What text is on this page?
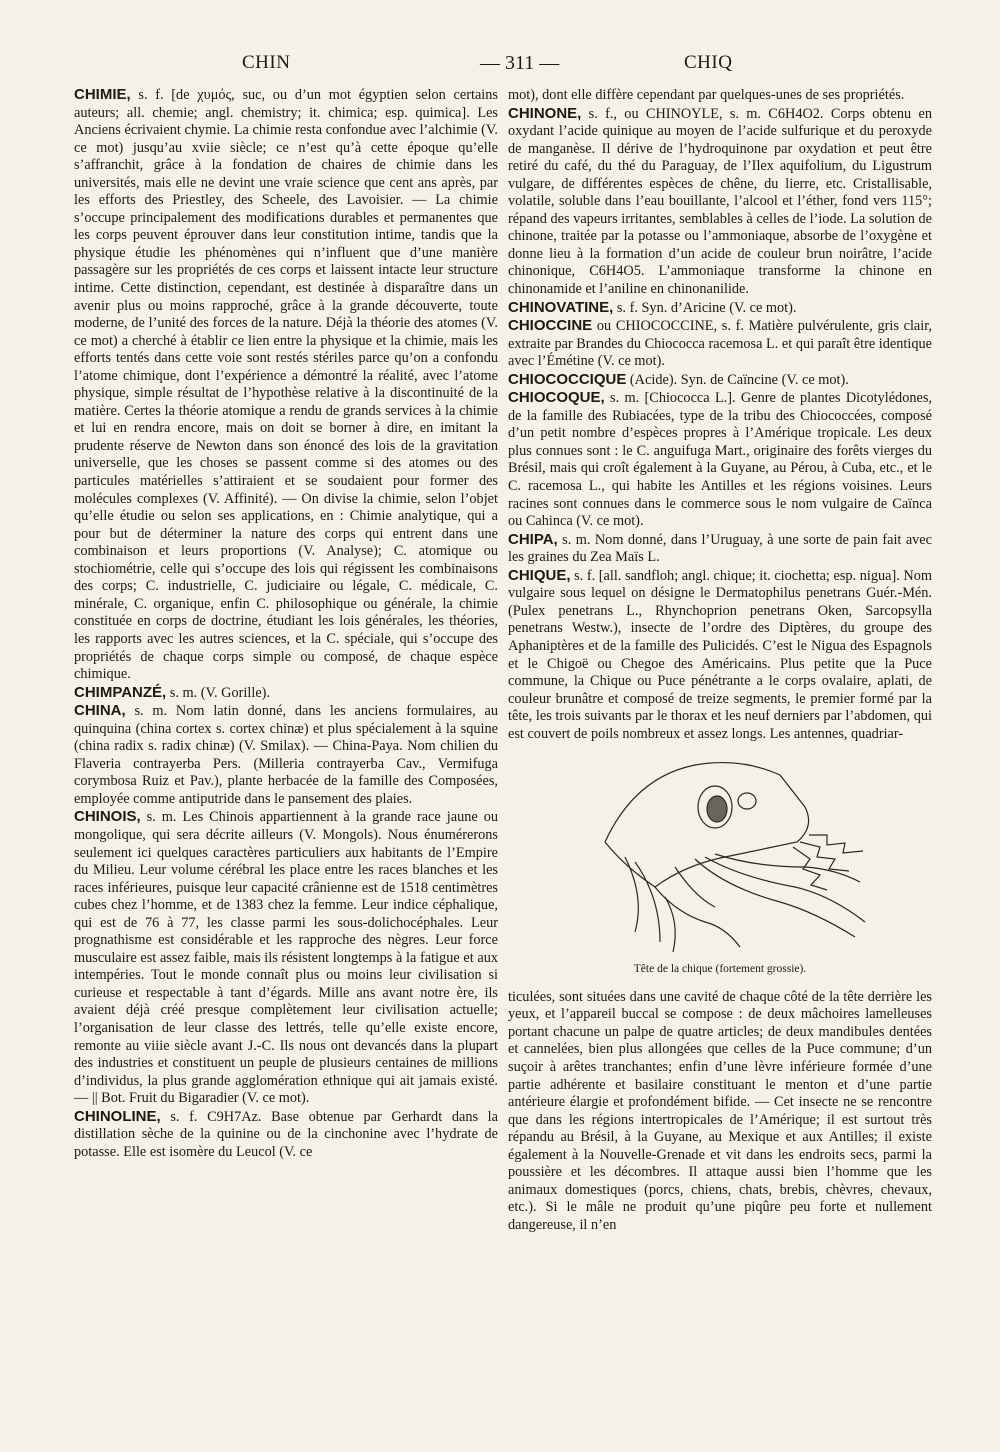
CHIN	— 311 —	CHIQ

CHIMIE, s. f. [de χυμός, suc, ou d’un mot égyptien selon certains auteurs; all. chemie; angl. chemistry; it. chimica; esp. quimica]. Les Anciens écrivaient chymie. La chimie resta confondue avec l’alchimie (V. ce mot) jusqu’au xviie siècle; ce n’est qu’à cette époque qu’elle s’affranchit, grâce à la fondation de chaires de chimie dans les universités, mais elle ne devint une vraie science que cent ans après, par les efforts des Priestley, des Scheele, des Lavoisier. — La chimie s’occupe principalement des modifications durables et permanentes que les corps peuvent éprouver dans leur constitution intime, tandis que la physique étudie les phénomènes qui n’influent que d’une manière passagère sur les propriétés de ces corps et laissent intacte leur structure intime. Cette distinction, cependant, est destinée à disparaître dans un avenir plus ou moins rapproché, grâce à la grande découverte, toute moderne, de l’unité des forces de la nature. Déjà la théorie des atomes (V. ce mot) a cherché à établir ce lien entre la physique et la chimie, mais les efforts tentés dans cette voie sont restés stériles parce qu’on a confondu l’atome chimique, dont l’expérience a démontré la réalité, avec l’atome physique, simple résultat de l’hypothèse relative à la discontinuité de la matière. Certes la théorie atomique a rendu de grands services à la chimie et lui en rendra encore, mais on doit se borner à dire, en imitant la prudente réserve de Newton dans son énoncé des lois de la gravitation universelle, que les choses se passent comme si des atomes ou des particules matérielles s’attiraient et se soudaient pour former des molécules complexes (V. Affinité). — On divise la chimie, selon l’objet qu’elle étudie ou selon ses applications, en : Chimie analytique, qui a pour but de déterminer la nature des corps qui entrent dans une combinaison et leurs proportions (V. Analyse); C. atomique ou stochiométrie, celle qui s’occupe des lois qui régissent les combinaisons des corps; C. industrielle, C. judiciaire ou légale, C. médicale, C. minérale, C. organique, enfin C. philosophique ou générale, la chimie constituée en corps de doctrine, étudiant les lois générales, les théories, les rapports avec les autres sciences, et la C. spéciale, qui s’occupe des propriétés de chaque corps simple ou composé, de chaque espèce chimique.

CHIMPANZÉ, s. m. (V. Gorille).

CHINA, s. m. Nom latin donné, dans les anciens formulaires, au quinquina (china cortex s. cortex chinæ) et plus spécialement à la squine (china radix s. radix chinæ) (V. Smilax). — China-Paya. Nom chilien du Flaveria contrayerba Pers. (Milleria contrayerba Cav., Vermifuga corymbosa Ruiz et Pav.), plante herbacée de la famille des Composées, employée comme antiputride dans le pansement des plaies.

CHINOIS, s. m. Les Chinois appartiennent à la grande race jaune ou mongolique, qui sera décrite ailleurs (V. Mongols). Nous énumérerons seulement ici quelques caractères particuliers aux habitants de l’Empire du Milieu. Leur volume cérébral les place entre les races blanches et les races inférieures, puisque leur capacité crânienne est de 1518 centimètres cubes chez l’homme, et de 1383 chez la femme. Leur indice céphalique, qui est de 76 à 77, les classe parmi les sous-dolichocéphales. Leur prognathisme est considérable et les rapproche des nègres. Leur force musculaire est assez faible, mais ils résistent longtemps à la fatigue et aux intempéries. Tout le monde connaît plus ou moins leur civilisation si curieuse et respectable à tant d’égards. Mille ans avant notre ère, ils avaient déjà créé presque complètement leur civilisation actuelle; l’organisation de leur classe des lettrés, telle qu’elle existe encore, remonte au viiie siècle avant J.-C. Ils nous ont devancés dans la plupart des industries et constituent un peuple de plusieurs centaines de millions d’individus, la plus grande agglomération ethnique qui ait jamais existé. — || Bot. Fruit du Bigaradier (V. ce mot).

CHINOLINE, s. f. C9H7Az. Base obtenue par Gerhardt dans la distillation sèche de la quinine ou de la cinchonine avec l’hydrate de potasse. Elle est isomère du Leucol (V. ce

mot), dont elle diffère cependant par quelques-unes de ses propriétés.

CHINONE, s. f., ou CHINOYLE, s. m. C6H4O2. Corps obtenu en oxydant l’acide quinique au moyen de l’acide sulfurique et du peroxyde de manganèse. Il dérive de l’hydroquinone par oxydation et peut être retiré du café, du thé du Paraguay, de l’Ilex aquifolium, du Ligustrum vulgare, de différentes espèces de chêne, du lierre, etc. Cristallisable, volatile, soluble dans l’eau bouillante, l’alcool et l’éther, fond vers 115°; répand des vapeurs irritantes, semblables à celles de l’iode. La solution de chinone, traitée par la potasse ou l’ammoniaque, absorbe de l’oxygène et donne lieu à la formation d’un acide de couleur brun noirâtre, l’acide chinonique, C6H4O5. L’ammoniaque transforme la chinone en chinonamide et l’aniline en chinonanilide.

CHINOVATINE, s. f. Syn. d’Aricine (V. ce mot).

CHIOCCINE ou CHIOCOCCINE, s. f. Matière pulvérulente, gris clair, extraite par Brandes du Chiococca racemosa L. et qui paraît être identique avec l’Émétine (V. ce mot).

CHIOCOCCIQUE (Acide). Syn. de Caïncine (V. ce mot).

CHIOCOQUE, s. m. [Chiococca L.]. Genre de plantes Dicotylédones, de la famille des Rubiacées, type de la tribu des Chiococcées, composé d’un petit nombre d’espèces propres à l’Amérique tropicale. Les deux plus connues sont : le C. anguifuga Mart., originaire des forêts vierges du Brésil, mais qui croît également à la Guyane, au Pérou, à Cuba, etc., et le C. racemosa L., qui habite les Antilles et les régions voisines. Leurs racines sont connues dans le commerce sous le nom vulgaire de Caïnca ou Cahinca (V. ce mot).

CHIPA, s. m. Nom donné, dans l’Uruguay, à une sorte de pain fait avec les graines du Zea Maïs L.

CHIQUE, s. f. [all. sandfloh; angl. chique; it. ciochetta; esp. nigua]. Nom vulgaire sous lequel on désigne le Dermatophilus penetrans Guér.-Mén. (Pulex penetrans L., Rhynchoprion penetrans Oken, Sarcopsylla penetrans Westw.), insecte de l’ordre des Diptères, du groupe des Aphaniptères et de la famille des Pulicidés. C’est le Nigua des Espagnols et le Chigoë ou Chegoe des Américains. Plus petite que la Puce commune, la Chique ou Puce pénétrante a le corps ovalaire, aplati, de couleur brunâtre et composé de treize segments, le premier formé par la tête, les trois suivants par le thorax et les neuf derniers par l’abdomen, qui est couvert de poils nombreux et assez longs. Les antennes, quadriar-

Tête de la chique (fortement grossie).

ticulées, sont situées dans une cavité de chaque côté de la tête derrière les yeux, et l’appareil buccal se compose : de deux mâchoires lamelleuses portant chacune un palpe de quatre articles; de deux mandibules dentées et cannelées, bien plus allongées que celles de la Puce commune; d’un suçoir à arêtes tranchantes; enfin d’une lèvre inférieure formée d’une partie adhérente et basilaire constituant le menton et d’une partie antérieure élargie et profondément bifide. — Cet insecte ne se rencontre que dans les régions intertropicales de l’Amérique; il est surtout très répandu au Brésil, à la Guyane, au Mexique et aux Antilles; il existe également à la Nouvelle-Grenade et vit dans les endroits secs, parmi la poussière et les décombres. Il attaque aussi bien l’homme que les animaux domestiques (porcs, chiens, chats, brebis, chèvres, chevaux, etc.). Si le mâle ne produit qu’une piqûre peu forte et nullement dangereuse, il n’en
